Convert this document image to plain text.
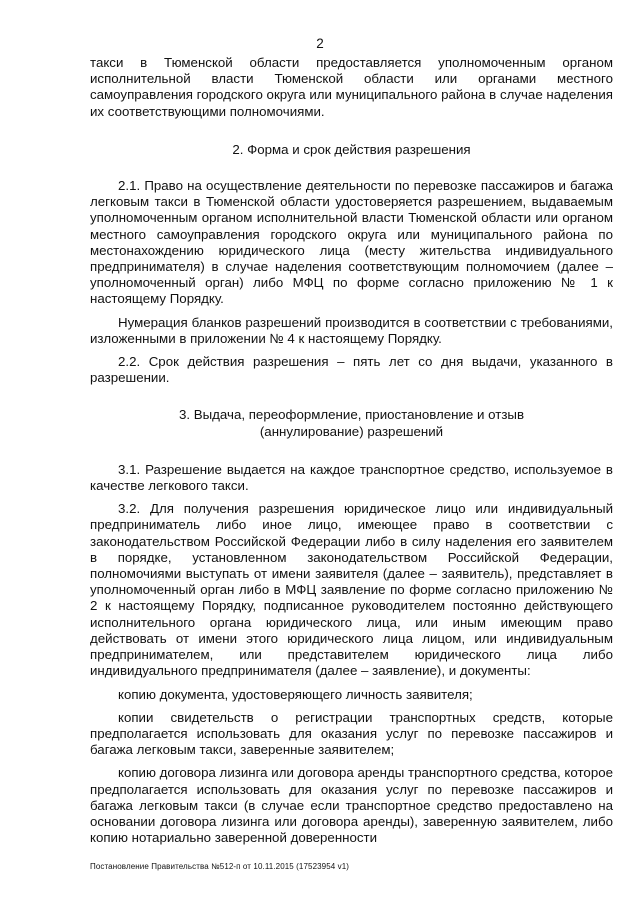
2

такси в Тюменской области предоставляется уполномоченным органом исполнительной власти Тюменской области или органами местного самоуправления городского округа или муниципального района в случае наделения их соответствующими полномочиями.

2. Форма и срок действия разрешения

2.1. Право на осуществление деятельности по перевозке пассажиров и багажа легковым такси в Тюменской области удостоверяется разрешением, выдаваемым уполномоченным органом исполнительной власти Тюменской области или органом местного самоуправления городского округа или муниципального района по местонахождению юридического лица (месту жительства индивидуального предпринимателя) в случае наделения соответствующим полномочием (далее – уполномоченный орган) либо МФЦ по форме согласно приложению № 1 к настоящему Порядку.

Нумерация бланков разрешений производится в соответствии с требованиями, изложенными в приложении № 4 к настоящему Порядку.

2.2. Срок действия разрешения – пять лет со дня выдачи, указанного в разрешении.

3. Выдача, переоформление, приостановление и отзыв

(аннулирование) разрешений

3.1. Разрешение выдается на каждое транспортное средство, используемое в качестве легкового такси.

3.2. Для получения разрешения юридическое лицо или индивидуальный предприниматель либо иное лицо, имеющее право в соответствии с законодательством Российской Федерации либо в силу наделения его заявителем в порядке, установленном законодательством Российской Федерации, полномочиями выступать от имени заявителя (далее – заявитель), представляет в уполномоченный орган либо в МФЦ заявление по форме согласно приложению № 2 к настоящему Порядку, подписанное руководителем постоянно действующего исполнительного органа юридического лица, или иным имеющим право действовать от имени этого юридического лица лицом, или индивидуальным предпринимателем, или представителем юридического лица либо индивидуального предпринимателя (далее – заявление), и документы:

копию документа, удостоверяющего личность заявителя;

копии свидетельств о регистрации транспортных средств, которые предполагается использовать для оказания услуг по перевозке пассажиров и багажа легковым такси, заверенные заявителем;

копию договора лизинга или договора аренды транспортного средства, которое предполагается использовать для оказания услуг по перевозке пассажиров и багажа легковым такси (в случае если транспортное средство предоставлено на основании договора лизинга или договора аренды), заверенную заявителем, либо копию нотариально заверенной доверенности

Постановление Правительства №512-п от 10.11.2015 (17523954 v1)
